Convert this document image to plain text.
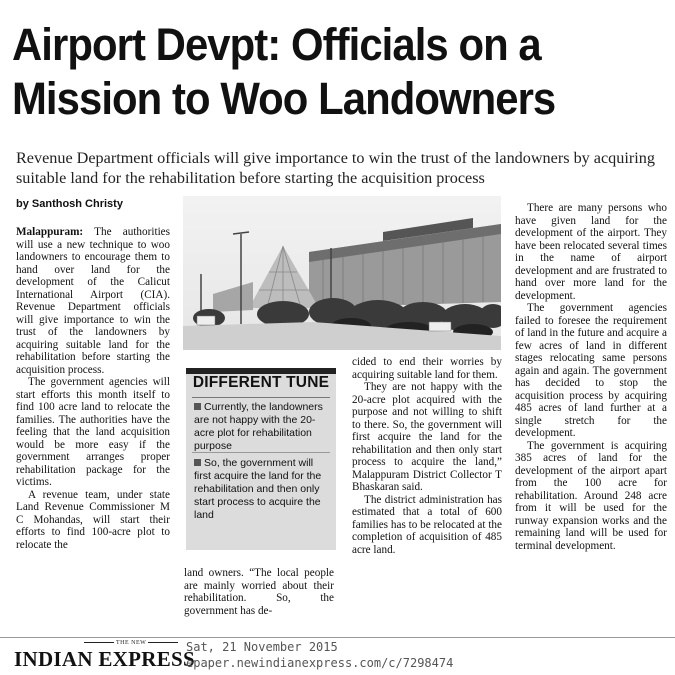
Airport Devpt: Officials on a
Mission to Woo Landowners
Revenue Department officials will give importance to win the trust of the landowners by acquiring suitable land for the rehabilitation before starting the acquisition process
by Santhosh Christy

Malappuram: The authorities will use a new technique to woo landowners to encourage them to hand over land for the development of the Calicut International Airport (CIA). Revenue Department officials will give importance to win the trust of the landowners by acquiring suitable land for the rehabilitation before starting the acquisition process.

The government agencies will start efforts this month itself to find 100 acre land to relocate the families. The authorities have the feeling that the land acquisition would be more easy if the government arranges proper rehabilitation package for the victims.

A revenue team, under state Land Revenue Commissioner M C Mohandas, will start their efforts to find 100-acre plot to relocate the

DIFFERENT TUNE
Currently, the landowners are not happy with the 20-acre plot for rehabilitation purpose
So, the government will first acquire the land for the rehabilitation and then only start process to acquire the land

land owners. “The local people are mainly worried about their rehabilitation. So, the government has de-

cided to end their worries by acquiring suitable land for them.

They are not happy with the 20-acre plot acquired with the purpose and not willing to shift to there. So, the government will first acquire the land for the rehabilitation and then only start process to acquire the land,” Malappuram District Collector T Bhaskaran said.

The district administration has estimated that a total of 600 families has to be relocated at the completion of acquisition of 485 acre land.

There are many persons who have given land for the development of the airport. They have been relocated several times in the name of airport development and are frustrated to hand over more land for the development.

The government agencies failed to foresee the requirement of land in the future and acquire a few acres of land in different stages relocating same persons again and again. The government has decided to stop the acquisition process by acquiring 485 acres of land further at a single stretch for the development.

The government is acquiring 385 acres of land for the development of the airport apart from the 100 acre for rehabilitation. Around 248 acre from it will be used for the runway expansion works and the remaining land will be used for terminal development.

THE NEW
INDIAN EXPRESS
Sat, 21 November 2015
epaper.newindianexpress.com/c/7298474
